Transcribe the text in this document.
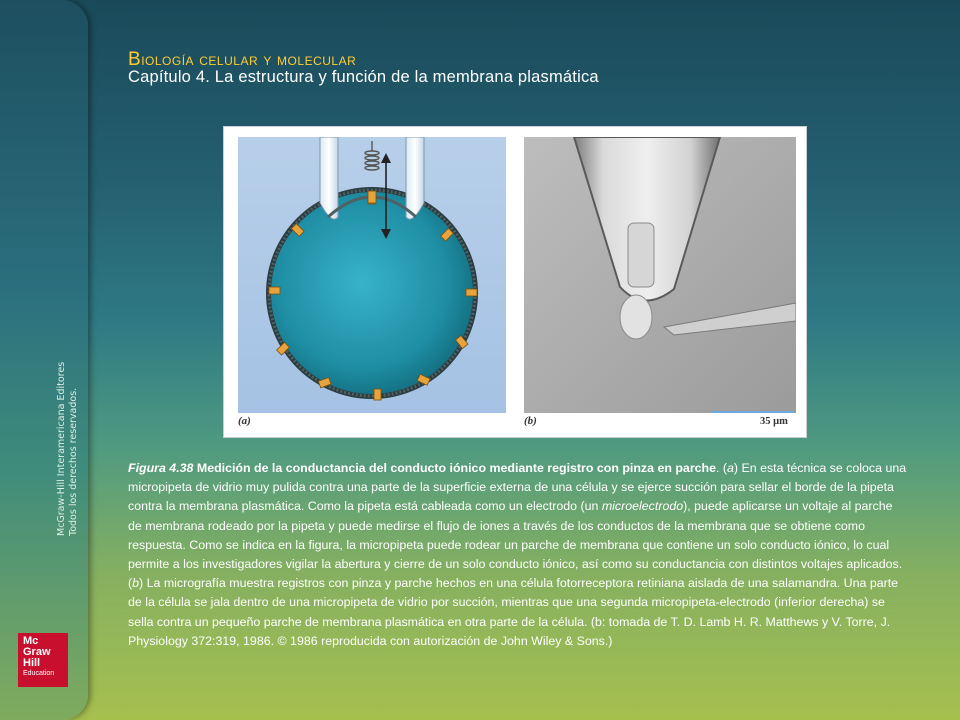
McGraw-Hill Interamericana Editores Todos los derechos reservados.
Mc
Graw
Hill
Education
Biología celular y molecular
Capítulo 4. La estructura y función de la membrana plasmática
(a)	(b)	35 μm

Figura 4.38 Medición de la conductancia del conducto iónico mediante registro con pinza en parche. (a) En esta técnica se coloca una micropipeta de vidrio muy pulida contra una parte de la superficie externa de una célula y se ejerce succión para sellar el borde de la pipeta contra la membrana plasmática. Como la pipeta está cableada como un electrodo (un microelectrodo), puede aplicarse un voltaje al parche de membrana rodeado por la pipeta y puede medirse el flujo de iones a través de los conductos de la membrana que se obtiene como respuesta. Como se indica en la figura, la micropipeta puede rodear un parche de membrana que contiene un solo conducto iónico, lo cual permite a los investigadores vigilar la abertura y cierre de un solo conducto iónico, así como su conductancia con distintos voltajes aplicados. (b) La micrografía muestra registros con pinza y parche hechos en una célula fotorreceptora retiniana aislada de una salamandra. Una parte de la célula se jala dentro de una micropipeta de vidrio por succión, mientras que una segunda micropipeta-electrodo (inferior derecha) se sella contra un pequeño parche de membrana plasmática en otra parte de la célula. (b: tomada de T. D. Lamb H. R. Matthews y V. Torre, J. Physiology 372:319, 1986. © 1986 reproducida con autorización de John Wiley & Sons.)
